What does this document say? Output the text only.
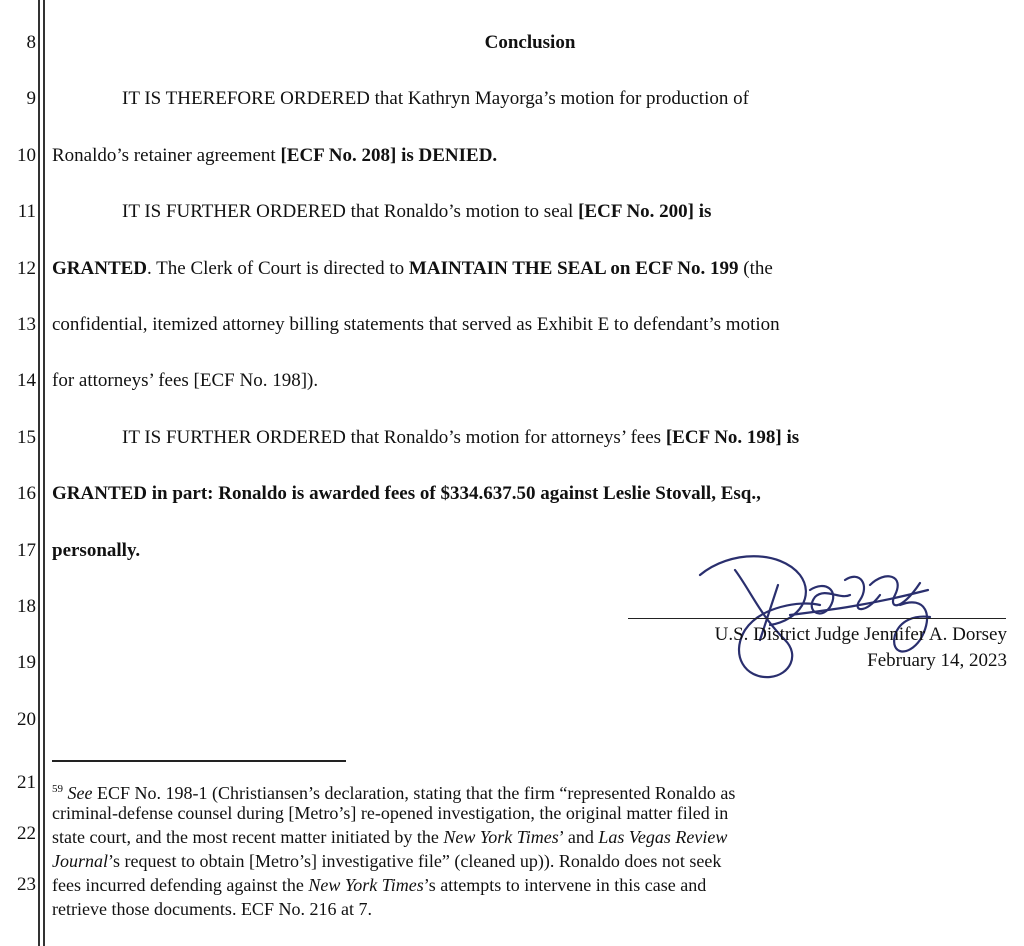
8
9
10
11
12
13
14
15
16
17
18
19
20
21
22
23
Conclusion
IT IS THEREFORE ORDERED that Kathryn Mayorga’s motion for production of
Ronaldo’s retainer agreement [ECF No. 208] is DENIED.
IT IS FURTHER ORDERED that Ronaldo’s motion to seal [ECF No. 200] is
GRANTED. The Clerk of Court is directed to MAINTAIN THE SEAL on ECF No. 199 (the
confidential, itemized attorney billing statements that served as Exhibit E to defendant’s motion
for attorneys’ fees [ECF No. 198]).
IT IS FURTHER ORDERED that Ronaldo’s motion for attorneys’ fees [ECF No. 198] is
GRANTED in part: Ronaldo is awarded fees of $334.637.50 against Leslie Stovall, Esq.,
personally.
U.S. District Judge Jennifer A. Dorsey
February 14, 2023
$^{59}$ See ECF No. 198-1 (Christiansen’s declaration, stating that the firm “represented Ronaldo as
criminal-defense counsel during [Metro’s] re-opened investigation, the original matter filed in
state court, and the most recent matter initiated by the New York Times’ and Las Vegas Review
Journal’s request to obtain [Metro’s] investigative file” (cleaned up)). Ronaldo does not seek
fees incurred defending against the New York Times’s attempts to intervene in this case and
retrieve those documents. ECF No. 216 at 7.
